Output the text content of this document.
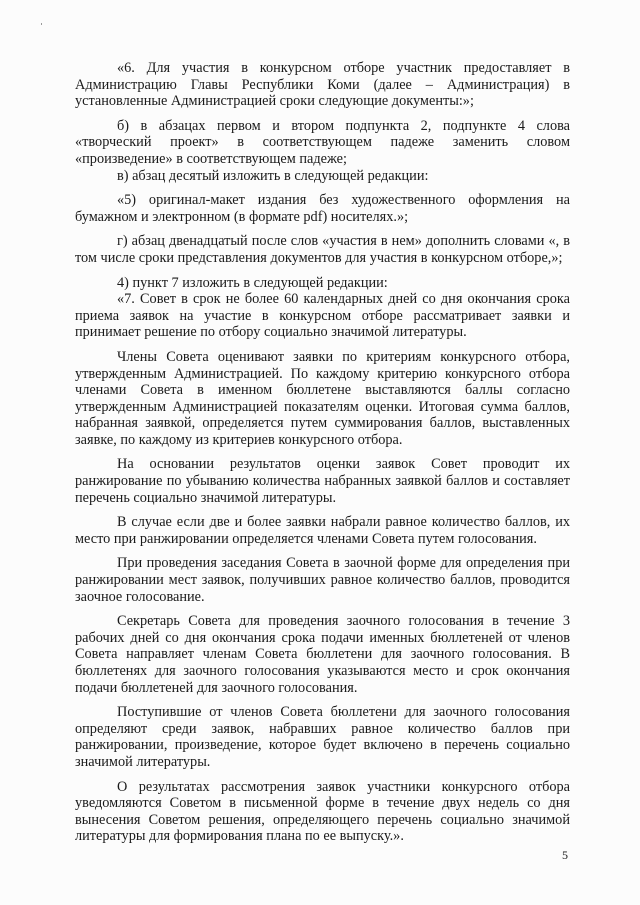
«6. Для участия в конкурсном отборе участник предоставляет в Администрацию Главы Республики Коми (далее – Администрация) в установленные Администрацией сроки следующие документы:»;

б) в абзацах первом и втором подпункта 2, подпункте 4 слова «творческий проект» в соответствующем падеже заменить словом «произведение» в соответствующем падеже;

в) абзац десятый изложить в следующей редакции:

«5) оригинал-макет издания без художественного оформления на бумажном и электронном (в формате pdf) носителях.»;

г) абзац двенадцатый после слов «участия в нем» дополнить словами «, в том числе сроки представления документов для участия в конкурсном отборе,»;

4) пункт 7 изложить в следующей редакции:

«7. Совет в срок не более 60 календарных дней со дня окончания срока приема заявок на участие в конкурсном отборе рассматривает заявки и принимает решение по отбору социально значимой литературы.

Члены Совета оценивают заявки по критериям конкурсного отбора, утвержденным Администрацией. По каждому критерию конкурсного отбора членами Совета в именном бюллетене выставляются баллы согласно утвержденным Администрацией показателям оценки. Итоговая сумма баллов, набранная заявкой, определяется путем суммирования баллов, выставленных заявке, по каждому из критериев конкурсного отбора.

На основании результатов оценки заявок Совет проводит их ранжирование по убыванию количества набранных заявкой баллов и составляет перечень социально значимой литературы.

В случае если две и более заявки набрали равное количество баллов, их место при ранжировании определяется членами Совета путем голосования.

При проведения заседания Совета в заочной форме для определения при ранжировании мест заявок, получивших равное количество баллов, проводится заочное голосование.

Секретарь Совета для проведения заочного голосования в течение 3 рабочих дней со дня окончания срока подачи именных бюллетеней от членов Совета направляет членам Совета бюллетени для заочного голосования. В бюллетенях для заочного голосования указываются место и срок окончания подачи бюллетеней для заочного голосования.

Поступившие от членов Совета бюллетени для заочного голосования определяют среди заявок, набравших равное количество баллов при ранжировании, произведение, которое будет включено в перечень социально значимой литературы.

О результатах рассмотрения заявок участники конкурсного отбора уведомляются Советом в письменной форме в течение двух недель со дня вынесения Советом решения, определяющего перечень социально значимой литературы для формирования плана по ее выпуску.».

5
